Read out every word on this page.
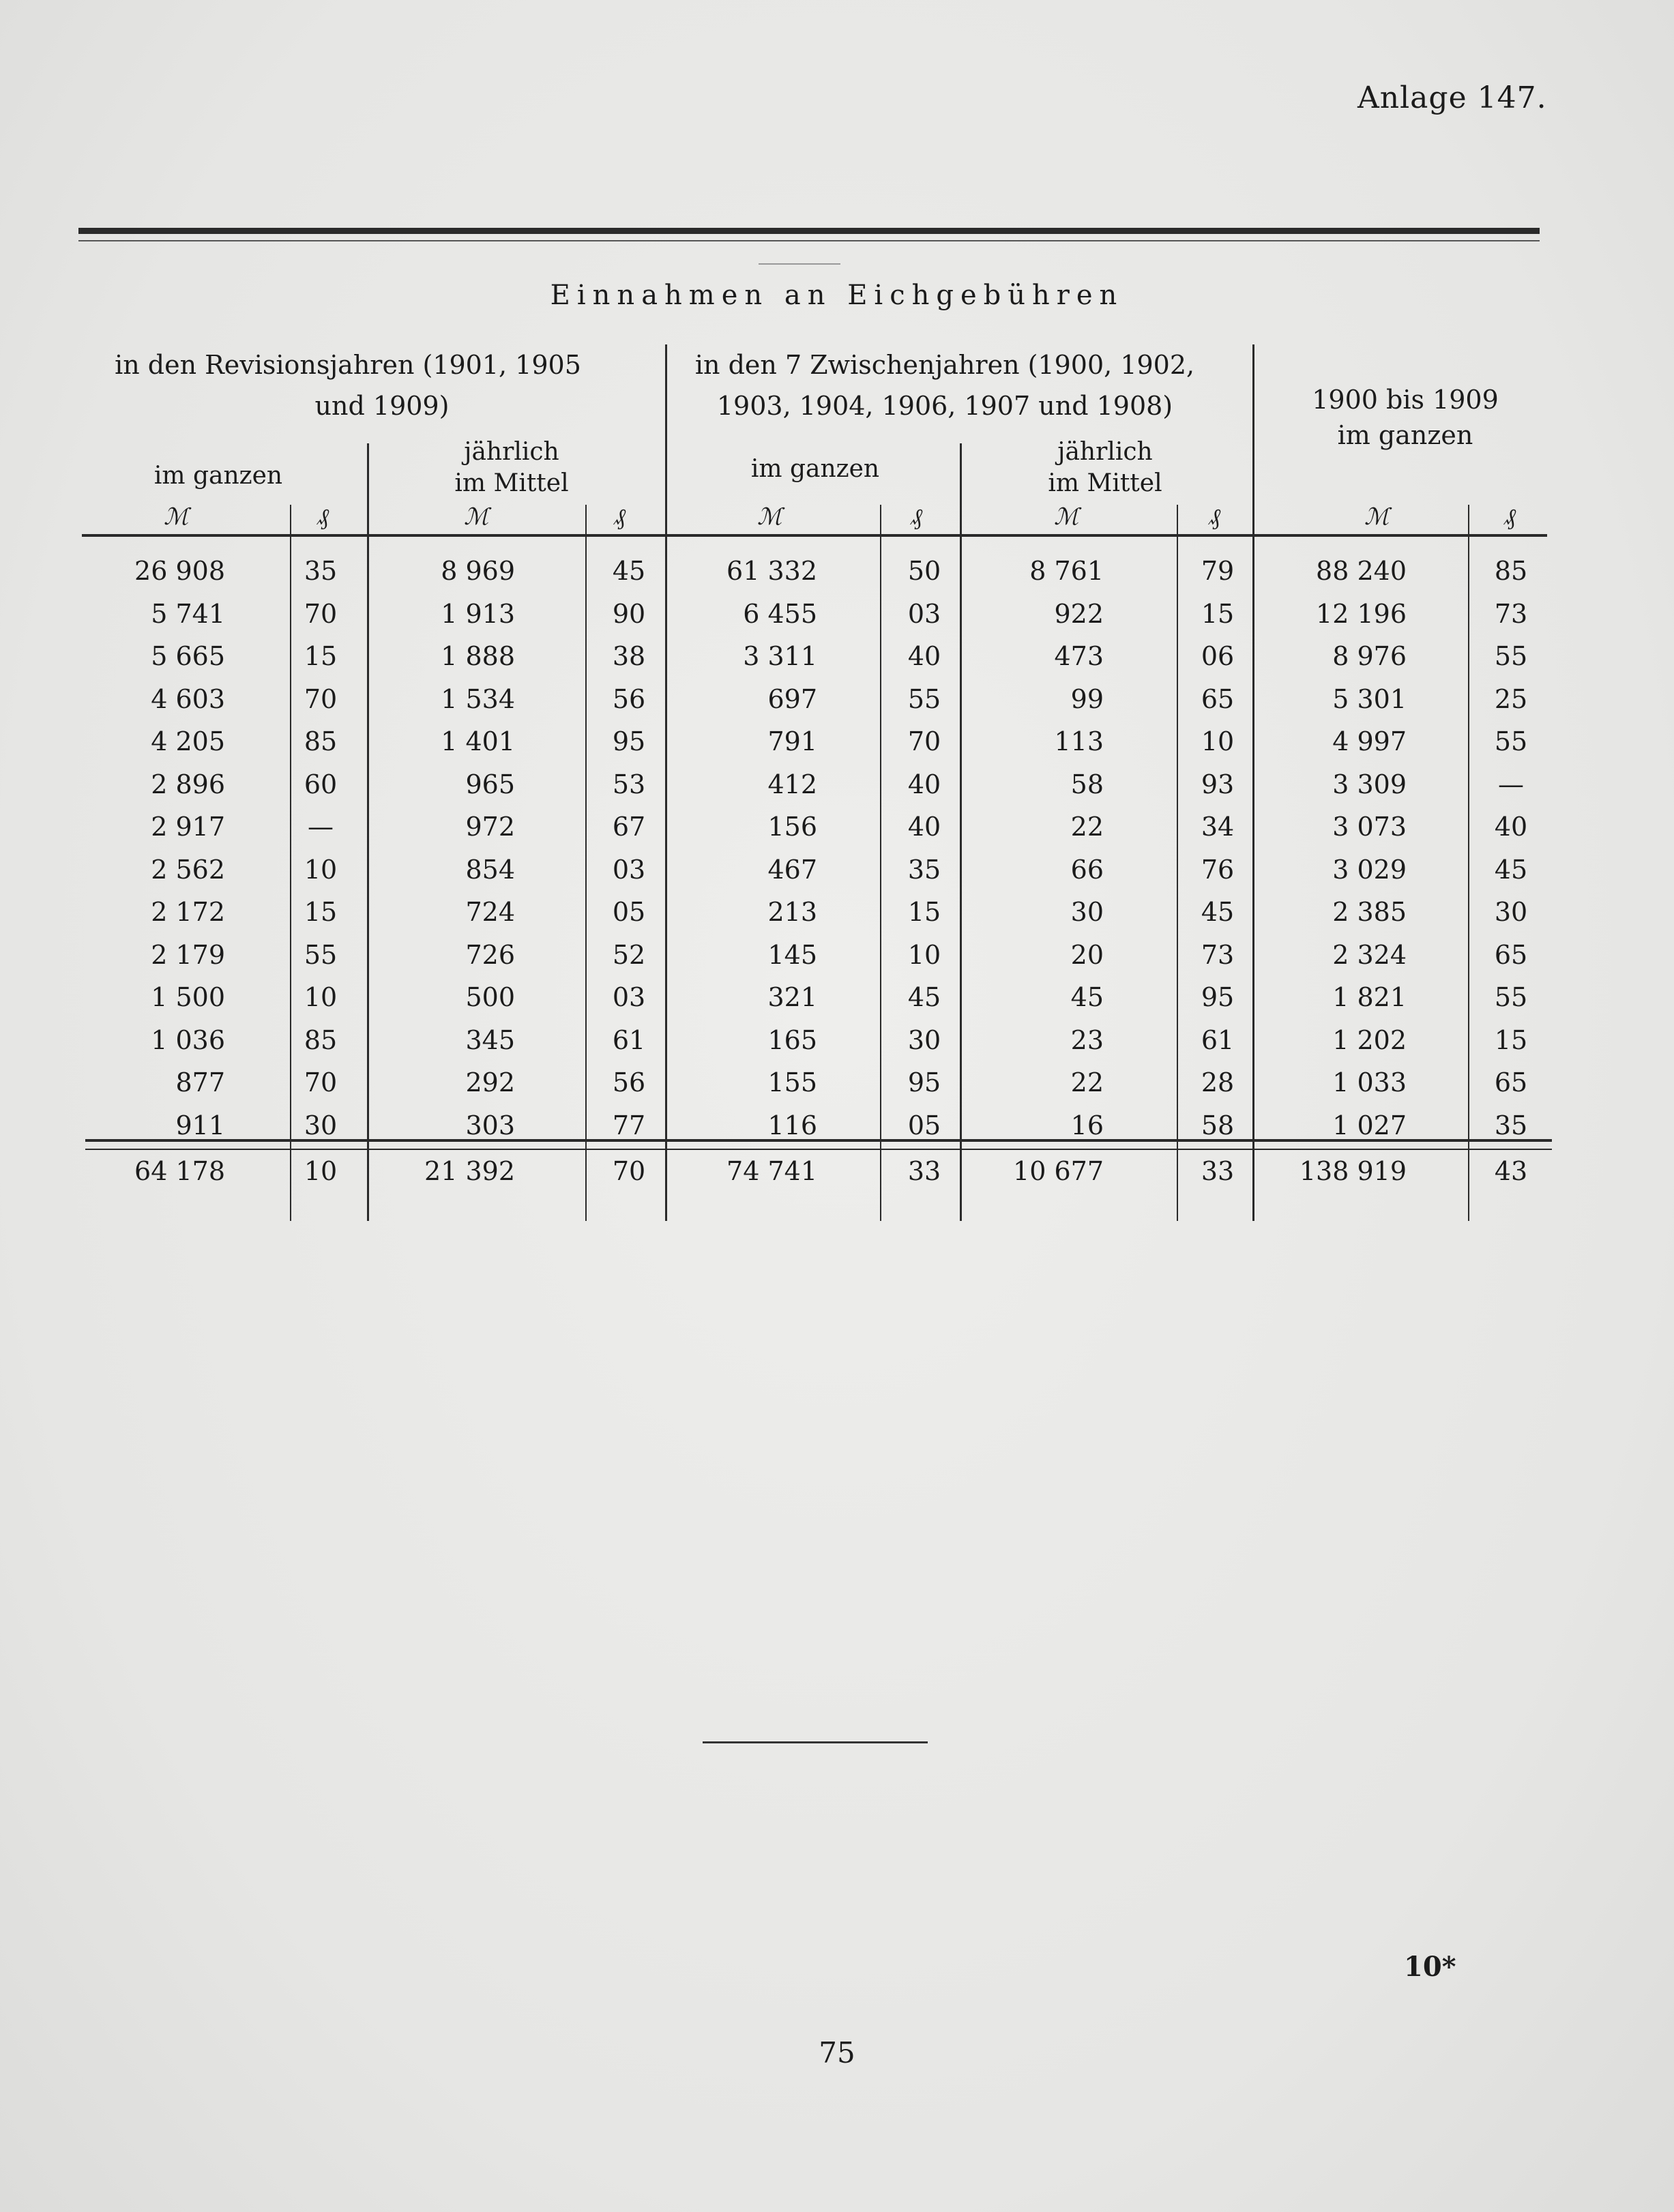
Anlage 147.
Einnahmen an Eichgebühren
in den Revisionsjahren (1901, 1905
und 1909)
in den 7 Zwischenjahren (1900, 1902,
1903, 1904, 1906, 1907 und 1908)	1900 bis 1909
im ganzen
im ganzen
jährlich
im Mittel
im ganzen
jährlich
im Mittel
ℳ	₰	ℳ	₰	ℳ	₰	ℳ	₰	ℳ	₰
26 908	35	8 969	45	61 332	50	8 761	79	88 240	85
5 741	70	1 913	90	6 455	03	922	15	12 196	73
5 665	15	1 888	38	3 311	40	473	06	8 976	55
4 603	70	1 534	56	697	55	99	65	5 301	25
4 205	85	1 401	95	791	70	113	10	4 997	55
2 896	60	965	53	412	40	58	93	3 309	—
2 917	—	972	67	156	40	22	34	3 073	40
2 562	10	854	03	467	35	66	76	3 029	45
2 172	15	724	05	213	15	30	45	2 385	30
2 179	55	726	52	145	10	20	73	2 324	65
1 500	10	500	03	321	45	45	95	1 821	55
1 036	85	345	61	165	30	23	61	1 202	15
877	70	292	56	155	95	22	28	1 033	65
911	30	303	77	116	05	16	58	1 027	35
64 178	10	21 392	70	74 741	33	10 677	33	138 919	43
10*
75
